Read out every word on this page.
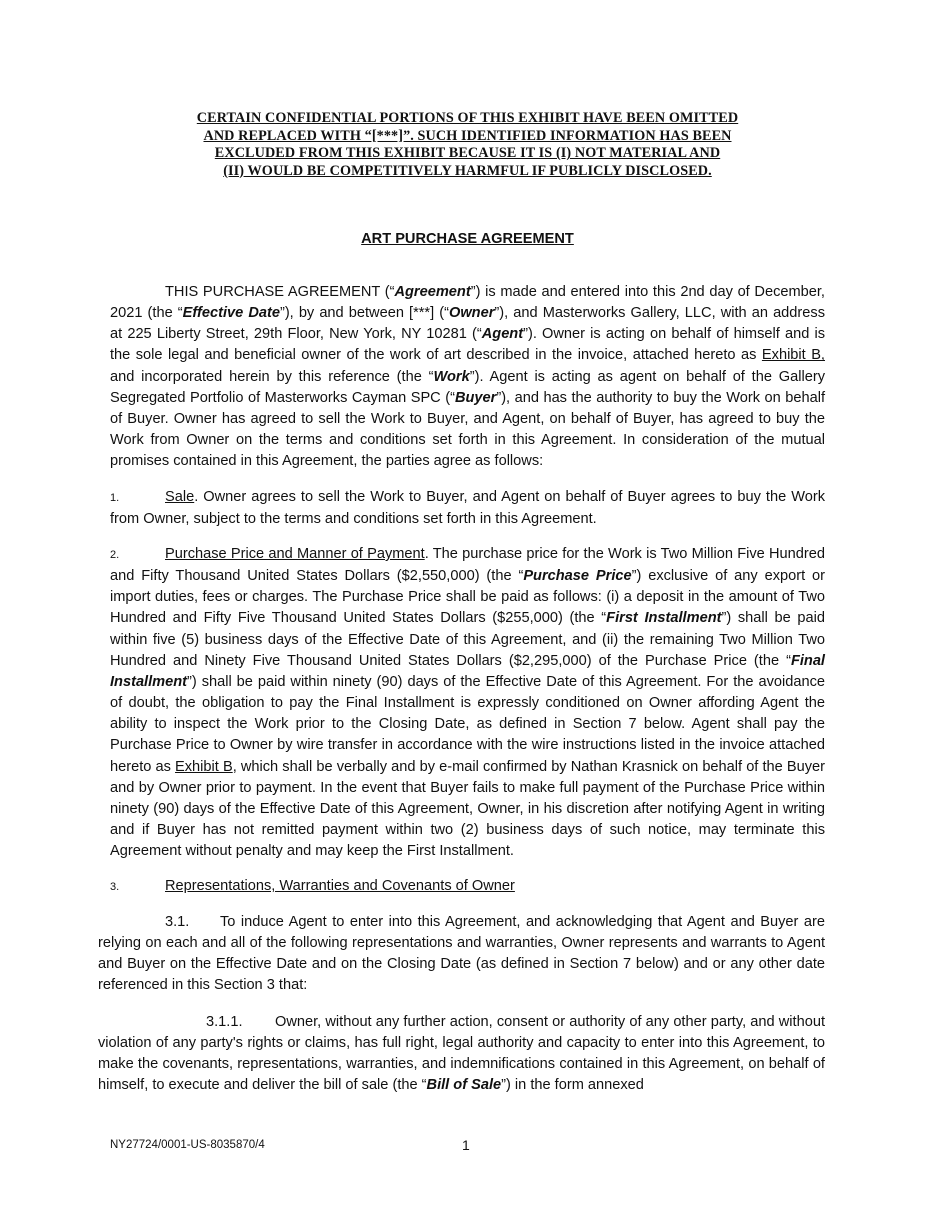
CERTAIN CONFIDENTIAL PORTIONS OF THIS EXHIBIT HAVE BEEN OMITTED
AND REPLACED WITH “[***]”. SUCH IDENTIFIED INFORMATION HAS BEEN
EXCLUDED FROM THIS EXHIBIT BECAUSE IT IS (I) NOT MATERIAL AND
(II) WOULD BE COMPETITIVELY HARMFUL IF PUBLICLY DISCLOSED.
ART PURCHASE AGREEMENT

THIS PURCHASE AGREEMENT (“Agreement”) is made and entered into this 2nd day of December, 2021 (the “Effective Date”), by and between [***] (“Owner”), and Masterworks Gallery, LLC, with an address at 225 Liberty Street, 29th Floor, New York, NY 10281 (“Agent”). Owner is acting on behalf of himself and is the sole legal and beneficial owner of the work of art described in the invoice, attached hereto as Exhibit B, and incorporated herein by this reference (the “Work”). Agent is acting as agent on behalf of the Gallery Segregated Portfolio of Masterworks Cayman SPC (“Buyer”), and has the authority to buy the Work on behalf of Buyer. Owner has agreed to sell the Work to Buyer, and Agent, on behalf of Buyer, has agreed to buy the Work from Owner on the terms and conditions set forth in this Agreement. In consideration of the mutual promises contained in this Agreement, the parties agree as follows:

1.	Sale. Owner agrees to sell the Work to Buyer, and Agent on behalf of Buyer agrees to buy the Work from Owner, subject to the terms and conditions set forth in this Agreement.

2.	Purchase Price and Manner of Payment. The purchase price for the Work is Two Million Five Hundred and Fifty Thousand United States Dollars ($2,550,000) (the “Purchase Price”) exclusive of any export or import duties, fees or charges. The Purchase Price shall be paid as follows: (i) a deposit in the amount of Two Hundred and Fifty Five Thousand United States Dollars ($255,000) (the “First Installment”) shall be paid within five (5) business days of the Effective Date of this Agreement, and (ii) the remaining Two Million Two Hundred and Ninety Five Thousand United States Dollars ($2,295,000) of the Purchase Price (the “Final Installment”) shall be paid within ninety (90) days of the Effective Date of this Agreement. For the avoidance of doubt, the obligation to pay the Final Installment is expressly conditioned on Owner affording Agent the ability to inspect the Work prior to the Closing Date, as defined in Section 7 below. Agent shall pay the Purchase Price to Owner by wire transfer in accordance with the wire instructions listed in the invoice attached hereto as Exhibit B, which shall be verbally and by e-mail confirmed by Nathan Krasnick on behalf of the Buyer and by Owner prior to payment. In the event that Buyer fails to make full payment of the Purchase Price within ninety (90) days of the Effective Date of this Agreement, Owner, in his discretion after notifying Agent in writing and if Buyer has not remitted payment within two (2) business days of such notice, may terminate this Agreement without penalty and may keep the First Installment.

3.	Representations, Warranties and Covenants of Owner

3.1. To induce Agent to enter into this Agreement, and acknowledging that Agent and Buyer are relying on each and all of the following representations and warranties, Owner represents and warrants to Agent and Buyer on the Effective Date and on the Closing Date (as defined in Section 7 below) and or any other date referenced in this Section 3 that:

3.1.1. Owner, without any further action, consent or authority of any other party, and without violation of any party's rights or claims, has full right, legal authority and capacity to enter into this Agreement, to make the covenants, representations, warranties, and indemnifications contained in this Agreement, on behalf of himself, to execute and deliver the bill of sale (the “Bill of Sale”) in the form annexed

NY27724/0001-US-8035870/4	1
